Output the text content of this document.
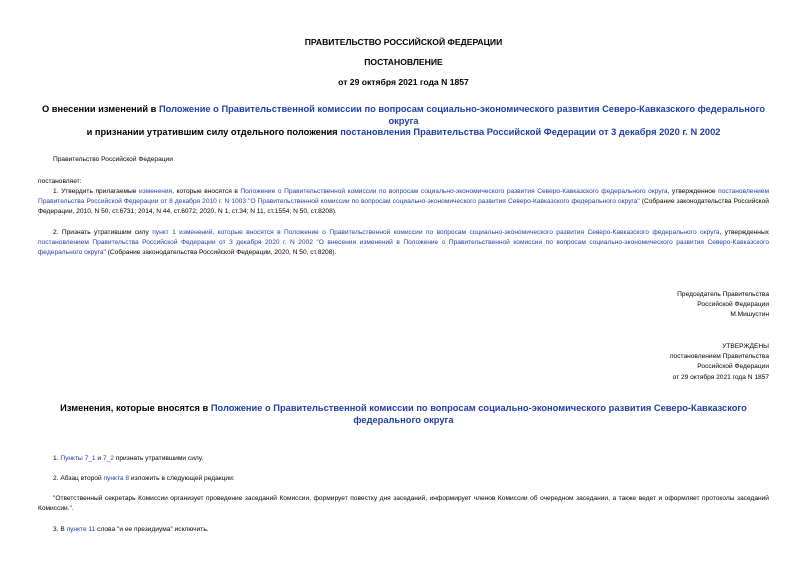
ПРАВИТЕЛЬСТВО РОССИЙСКОЙ ФЕДЕРАЦИИ
ПОСТАНОВЛЕНИЕ
от 29 октября 2021 года N 1857
О внесении изменений в Положение о Правительственной комиссии по вопросам социально-экономического развития Северо-Кавказского федерального округа
и признании утратившим силу отдельного положения постановления Правительства Российской Федерации от 3 декабря 2020 г. N 2002
Правительство Российской Федерации
постановляет:
1. Утвердить прилагаемые изменения, которые вносятся в Положение о Правительственной комиссии по вопросам социально-экономического развития Северо-Кавказского федерального округа, утвержденное постановлением Правительства Российской Федерации от 8 декабря 2010 г. N 1003 "О Правительственной комиссии по вопросам социально-экономического развития Северо-Кавказского федерального округа" (Собрание законодательства Российской Федерации, 2010, N 50, ст.6731; 2014, N 44, ст.6072; 2020, N 1, ст.34; N 11, ст.1554; N 50, ст.8208).
2. Признать утратившим силу пункт 1 изменений, которые вносятся в Положение о Правительственной комиссии по вопросам социально-экономического развития Северо-Кавказского федерального округа, утвержденных постановлением Правительства Российской Федерации от 3 декабря 2020 г. N 2002 "О внесении изменений в Положение о Правительственной комиссии по вопросам социально-экономического развития Северо-Кавказского федерального округа" (Собрание законодательства Российской Федерации, 2020, N 50, ст.8208).
Председатель Правительства
Российской Федерации
М.Мишустин
УТВЕРЖДЕНЫ
постановлением Правительства
Российской Федерации
от 29 октября 2021 года N 1857
Изменения, которые вносятся в Положение о Правительственной комиссии по вопросам социально-экономического развития Северо-Кавказского федерального округа
1. Пункты 7_1 и 7_2 признать утратившими силу.
2. Абзац второй пункта 8 изложить в следующей редакции:
"Ответственный секретарь Комиссии организует проведение заседаний Комиссии, формирует повестку дня заседаний, информирует членов Комиссии об очередном заседании, а также ведет и оформляет протоколы заседаний Комиссии.".
3. В пункте 11 слова "и ее президиума" исключить.
